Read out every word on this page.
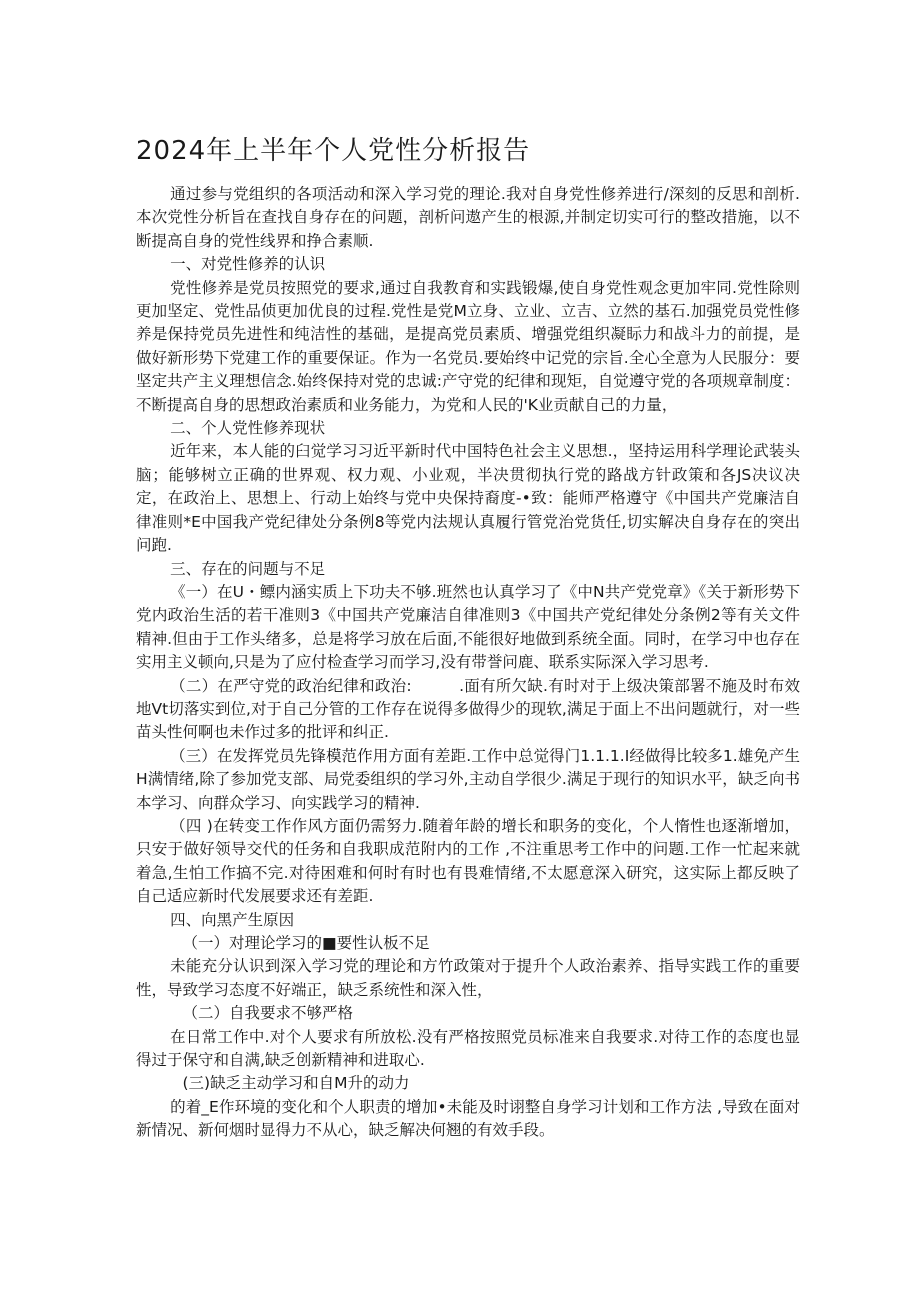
2024年上半年个人党性分析报告

通过参与党组织的各项活动和深入学习党的理论.我对自身党性修养进行/深刻的反思和剖析.本次党性分析旨在查找自身存在的问题，剖析问遨产生的根源,并制定切实可行的整改措施，以不断提高自身的党性线界和挣合素顺.

一、对党性修养的认识

党性修养是党员按照党的要求,通过自我教育和实践锻爆,使自身党性观念更加牢同.党性除则更加坚定、党性品侦更加优良的过程.党性是党M立身、立业、立吉、立然的基石.加强党员党性修养是保持党员先进性和纯洁性的基础，是提高党员素质、增强党组织凝眎力和战斗力的前提，是做好新形势下党建工作的重要保证。作为一名党员.要始终中记党的宗旨.全心全意为人民服分：要坚定共产主义理想信念.始终保持对党的忠诚:产守党的纪律和现矩，自觉遵守党的各项规章制度：不断提高自身的思想政治素质和业务能力，为党和人民的'K业贡献自己的力量，

二、个人党性修养现状

近年来，本人能的臼觉学习习近平新时代中国特色社会主义思想.，坚持运用科学理论武装头脑；能够树立正确的世界观、权力观、小业观，半决贯彻执行党的路战方针政策和各JS决议决定，在政治上、思想上、行动上始终与党中央保持裔度-•致：能师严格遵守《中国共产党廉洁自律准则*E中国我产党纪律处分条例8等党内法规认真履行管党治党货任,切实解决自身存在的突出问跑.

三、存在的问题与不足

《一）在U・鳔内涵实质上下功夫不够.班然也认真学习了《中N共产党党章》《关于新形势下党内政治生活的若干准则3《中国共产党廉洁自律准则3《中国共产党纪律处分条例2等有关文件精神.但由于工作头绪多，总是将学习放在后面,不能很好地做到系统全面。同时，在学习中也存在实用主义顿向,只是为了应付检查学习而学习,没有带誉问鹿、联系实际深入学习思考.

（二）在严守党的政治纪律和政治:　　　.面有所欠缺.有时对于上级决策部署不施及时布效地Vt切落实到位,对于自己分管的工作存在说得多做得少的现软,满足于面上不出问题就行，对一些苗头性何啊也未作过多的批评和纠正.

（三）在发挥党员先锋模范作用方面有差距.工作中总觉得门1.1.1.I经做得比较多1.雄免产生H满情绪,除了参加党支部、局党委组织的学习外,主动自学很少.满足于现行的知识水平，缺乏向书本学习、向群众学习、向实践学习的精神.

（四 )在转变工作作风方面仍需努力.随着年龄的增长和职务的变化，个人惰性也逐渐增加，只安于做好领导交代的任务和自我职成范附内的工作 ,不注重思考工作中的问题.工作一忙起来就着急,生怕工作搞不完.对待困难和何时有时也有畏难情绪,不太愿意深入研究，这实际上都反映了自己适应新时代发展要求还有差距.

四、向黑产生原因

（一）对理论学习的■要性认板不足

未能充分认识到深入学习党的理论和方竹政策对于提升个人政治素养、指导实践工作的重要性，导致学习态度不好端正，缺乏系统性和深入性，

（二）自我要求不够严格

在日常工作中.对个人要求有所放松.没有严格按照党员标准来自我要求.对待工作的态度也显得过于保守和自满,缺乏创新精神和进取心.

(三)缺乏主动学习和自M升的动力

的着_E作环境的变化和个人职责的增加•未能及时诩整自身学习计划和工作方法 ,导致在面对新情况、新何烟时显得力不从心，缺乏解决何翘的有效手段。
